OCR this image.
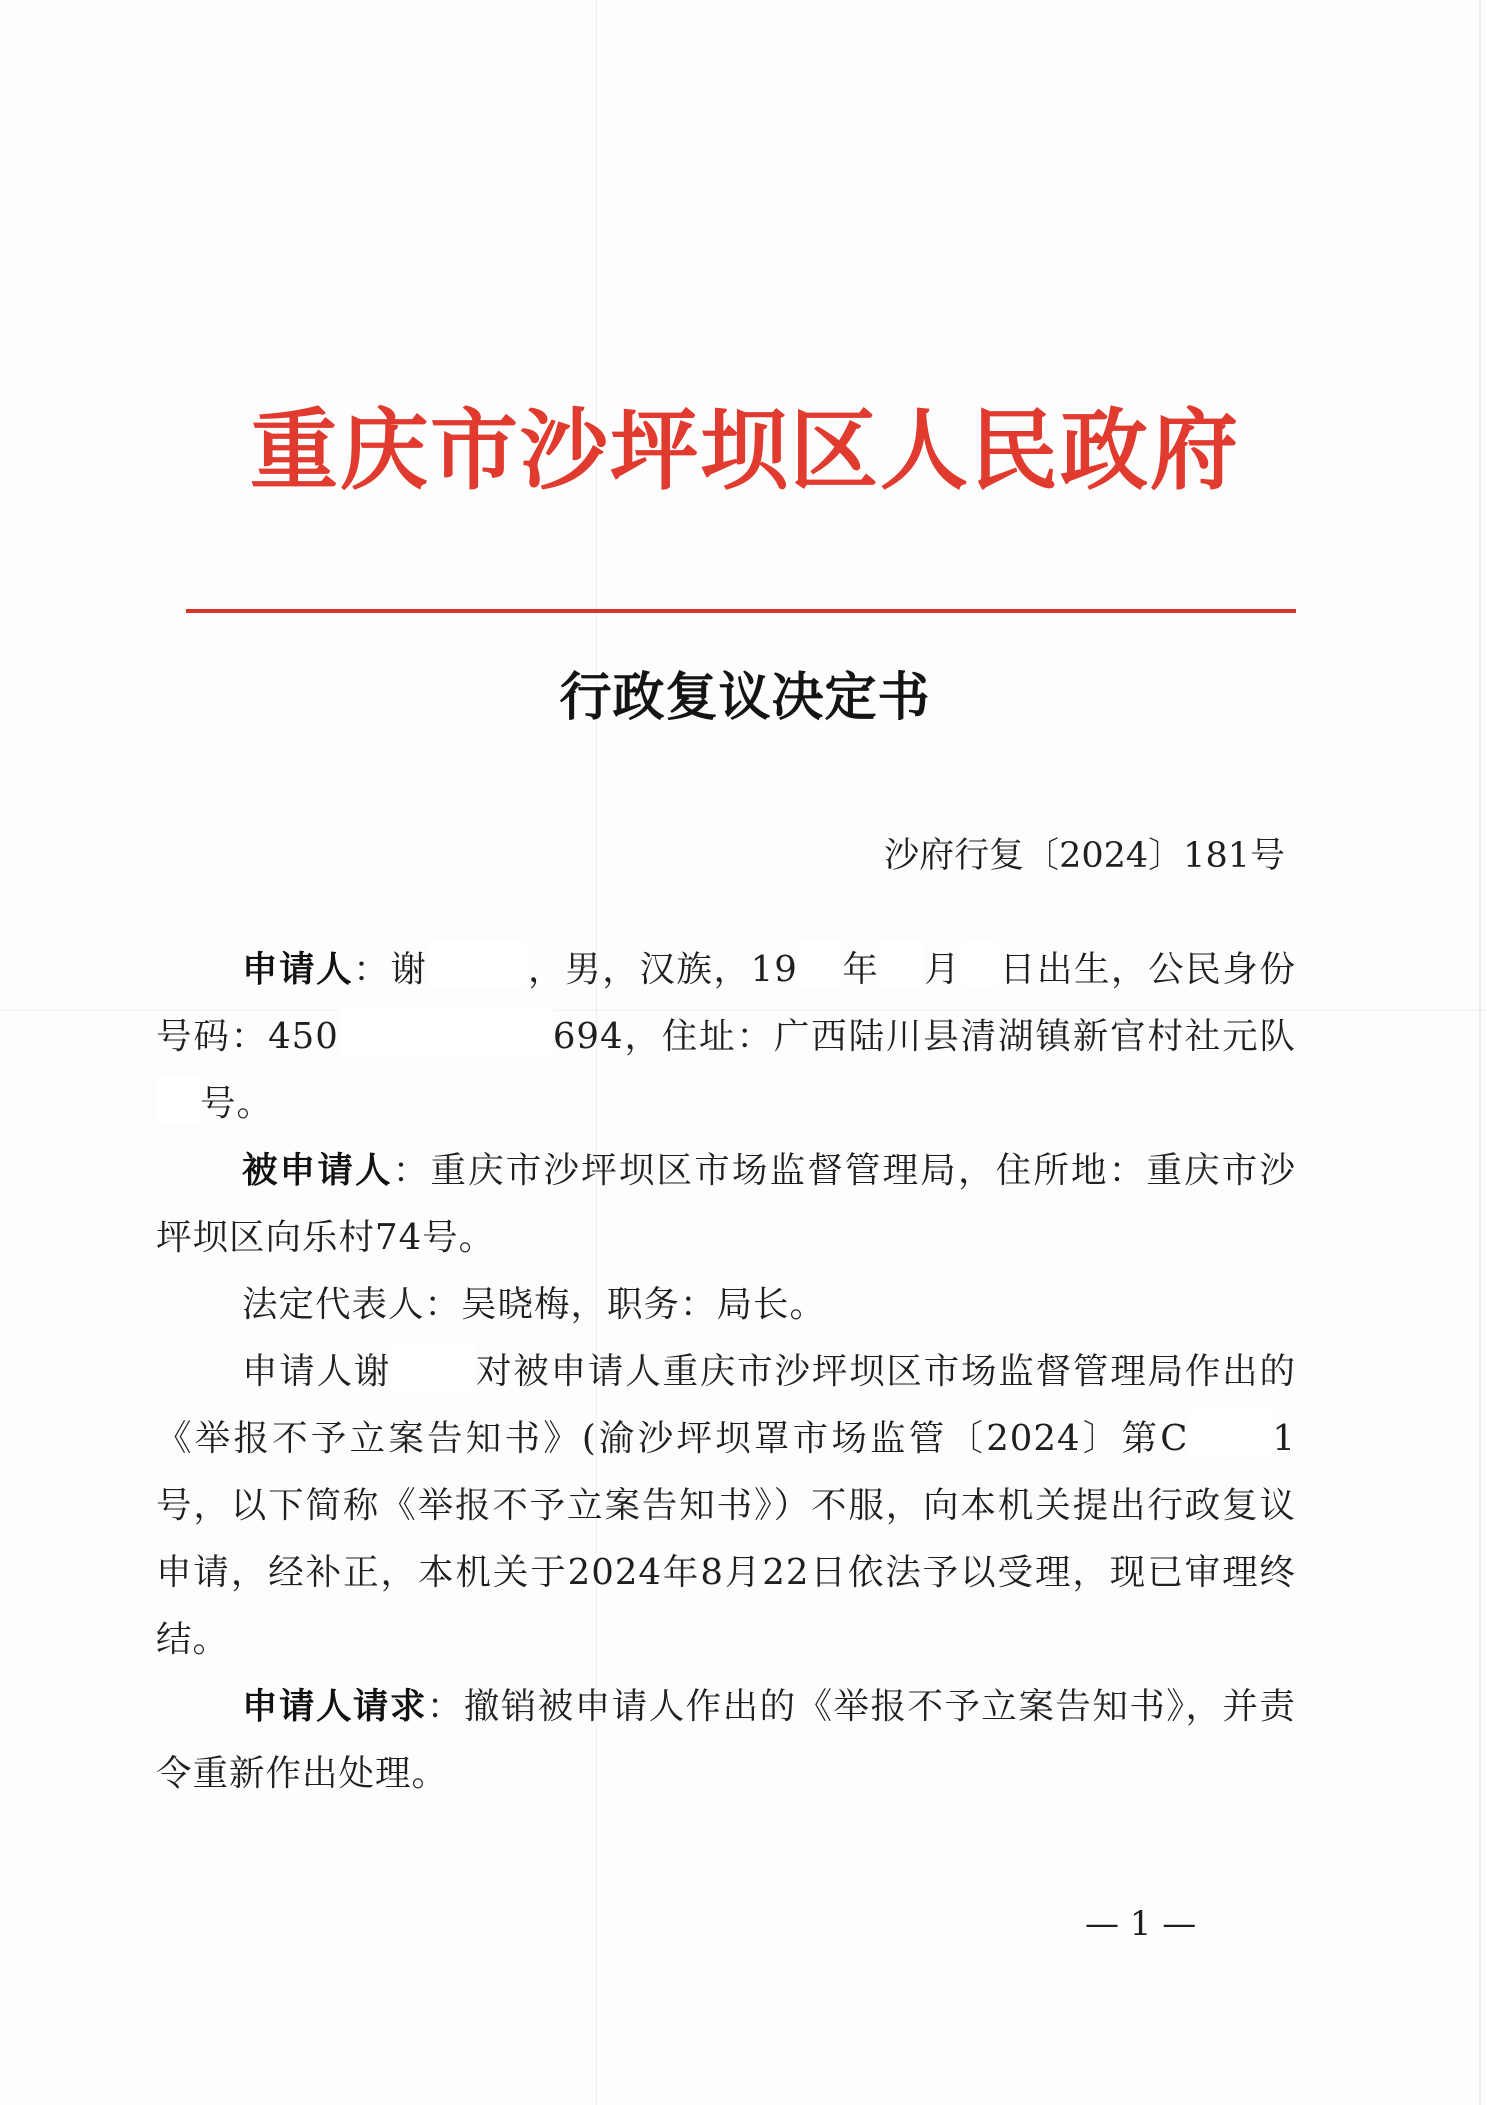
重庆市沙坪坝区人民政府
行政复议决定书
沙府行复〔2024〕181号

申请人：谢	，男，汉族，19 年 月 日出生，公民身份号码：450	694，住址：广西陆川县清湖镇新官村社元队号。

被申请人：重庆市沙坪坝区市场监督管理局，住所地：重庆市沙坪坝区向乐村74号。

法定代表人：吴晓梅，职务：局长。

申请人谢 对被申请人重庆市沙坪坝区市场监督管理局作出的《举报不予立案告知书》(渝沙坪坝罩市场监管〔2024〕第C 1号，以下简称《举报不予立案告知书》）不服，向本机关提出行政复议申请，经补正，本机关于2024年8月22日依法予以受理，现已审理终结。

申请人请求：撤销被申请人作出的《举报不予立案告知书》，并责令重新作出处理。

— 1 —
